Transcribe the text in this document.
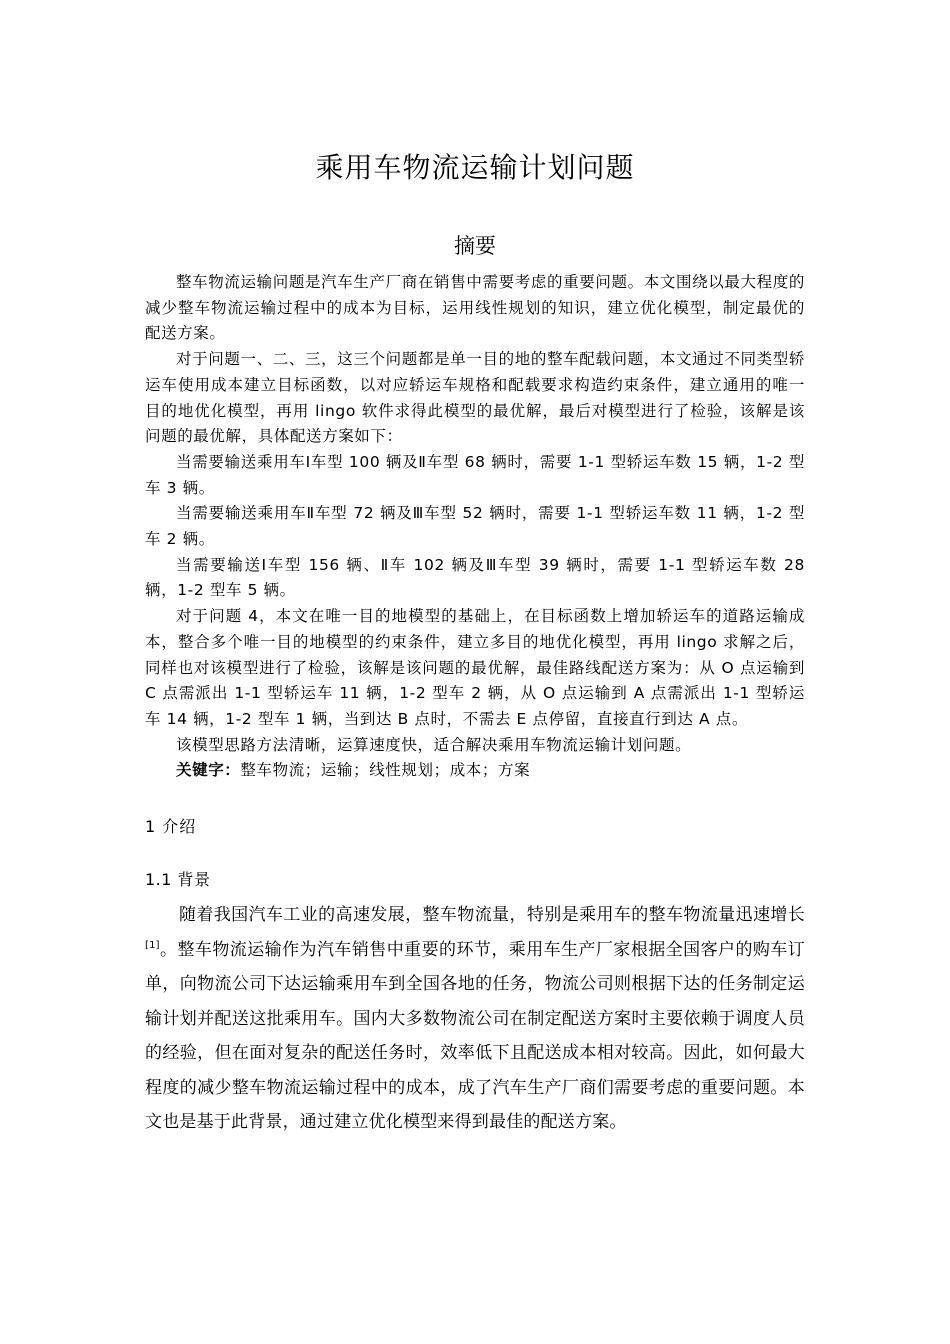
乘用车物流运输计划问题
摘要

整车物流运输问题是汽车生产厂商在销售中需要考虑的重要问题。本文围绕以最大程度的减少整车物流运输过程中的成本为目标，运用线性规划的知识，建立优化模型，制定最优的配送方案。

对于问题一、二、三，这三个问题都是单一目的地的整车配载问题，本文通过不同类型轿运车使用成本建立目标函数，以对应轿运车规格和配载要求构造约束条件，建立通用的唯一目的地优化模型，再用 lingo 软件求得此模型的最优解，最后对模型进行了检验，该解是该问题的最优解，具体配送方案如下：

当需要输送乘用车Ⅰ车型 100 辆及Ⅱ车型 68 辆时，需要 1-1 型轿运车数 15 辆，1-2 型车 3 辆。

当需要输送乘用车Ⅱ车型 72 辆及Ⅲ车型 52 辆时，需要 1-1 型轿运车数 11 辆，1-2 型车 2 辆。

当需要输送Ⅰ车型 156 辆、Ⅱ车 102 辆及Ⅲ车型 39 辆时，需要 1-1 型轿运车数 28 辆，1-2 型车 5 辆。

对于问题 4，本文在唯一目的地模型的基础上，在目标函数上增加轿运车的道路运输成本，整合多个唯一目的地模型的约束条件，建立多目的地优化模型，再用 lingo 求解之后，同样也对该模型进行了检验，该解是该问题的最优解，最佳路线配送方案为：从 O 点运输到 C 点需派出 1-1 型轿运车 11 辆，1-2 型车 2 辆，从 O 点运输到 A 点需派出 1-1 型轿运车 14 辆，1-2 型车 1 辆，当到达 B 点时，不需去 E 点停留，直接直行到达 A 点。

该模型思路方法清晰，运算速度快，适合解决乘用车物流运输计划问题。

关键字：整车物流；运输；线性规划；成本；方案

1 介绍
1.1 背景

随着我国汽车工业的高速发展，整车物流量，特别是乘用车的整车物流量迅速增长[1]。整车物流运输作为汽车销售中重要的环节，乘用车生产厂家根据全国客户的购车订单，向物流公司下达运输乘用车到全国各地的任务，物流公司则根据下达的任务制定运输计划并配送这批乘用车。国内大多数物流公司在制定配送方案时主要依赖于调度人员的经验，但在面对复杂的配送任务时，效率低下且配送成本相对较高。因此，如何最大程度的减少整车物流运输过程中的成本，成了汽车生产厂商们需要考虑的重要问题。本文也是基于此背景，通过建立优化模型来得到最佳的配送方案。
